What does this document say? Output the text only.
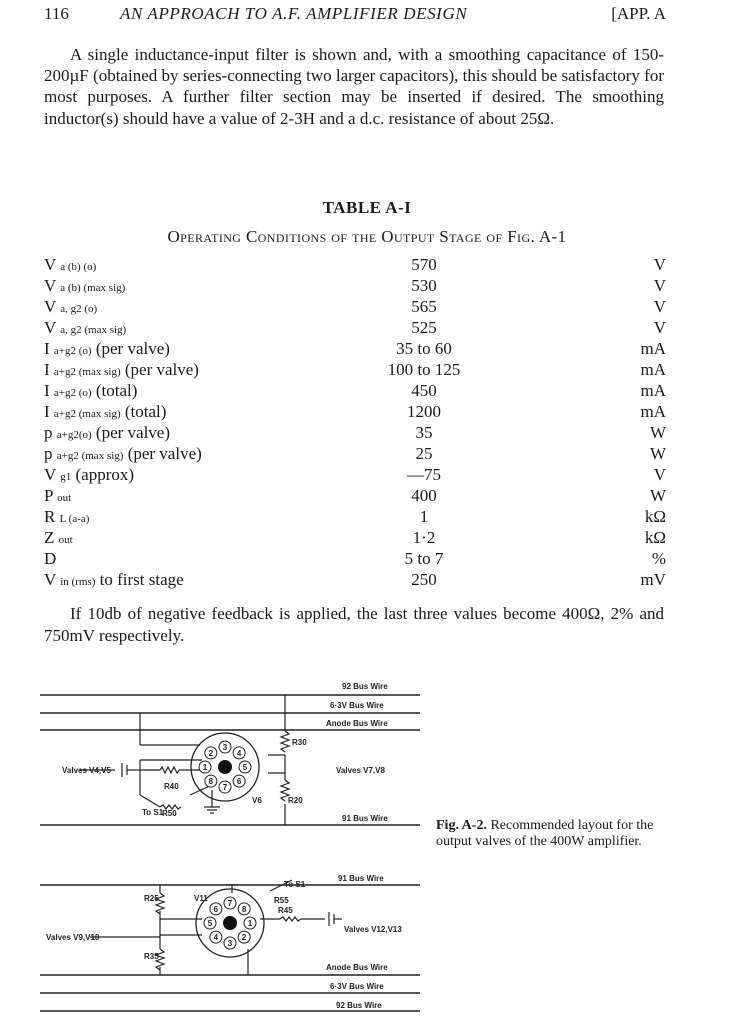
116	AN APPROACH TO A.F. AMPLIFIER DESIGN	[APP. A

A single inductance-input filter is shown and, with a smoothing capacitance of 150-200µF (obtained by series-connecting two larger capacitors), this should be satisfactory for most purposes. A further filter section may be inserted if desired. The smoothing inductor(s) should have a value of 2-3H and a d.c. resistance of about 25Ω.

TABLE A-I
Operating Conditions of the Output Stage of Fig. A-1
V a (b) (o)	570	V
V a (b) (max sig)	530	V
V a, g2 (o)	565	V
V a, g2 (max sig)	525	V
I a+g2 (o) (per valve)	35 to 60	mA
I a+g2 (max sig) (per valve)	100 to 125	mA
I a+g2 (o) (total)	450	mA
I a+g2 (max sig) (total)	1200	mA
p a+g2(o) (per valve)	35	W
p a+g2 (max sig) (per valve)	25	W
V g1 (approx)	—75	V
P out	400	W
R L (a-a)	1	kΩ
Z out	1·2	kΩ
D	5 to 7	%
V in (rms) to first stage	250	mV

If 10db of negative feedback is applied, the last three values become 400Ω, 2% and 750mV respectively.

1
2
3
4
5
6
7
8
92 Bus Wire
6·3V Bus Wire
Anode Bus Wire
R30
Valves V4,V5	Valves V7,V8
R40
R50
V6	R20
To S1
91 Bus Wire
1
2
3
4
5
6
7
8
91 Bus Wire
To S1
R25	V11	R55
R45
Valves V9,V10
Valves V12,V13
R35
Anode Bus Wire
6·3V Bus Wire
92 Bus Wire

Fig. A-2. Recommended layout for the output valves of the 400W amplifier.
